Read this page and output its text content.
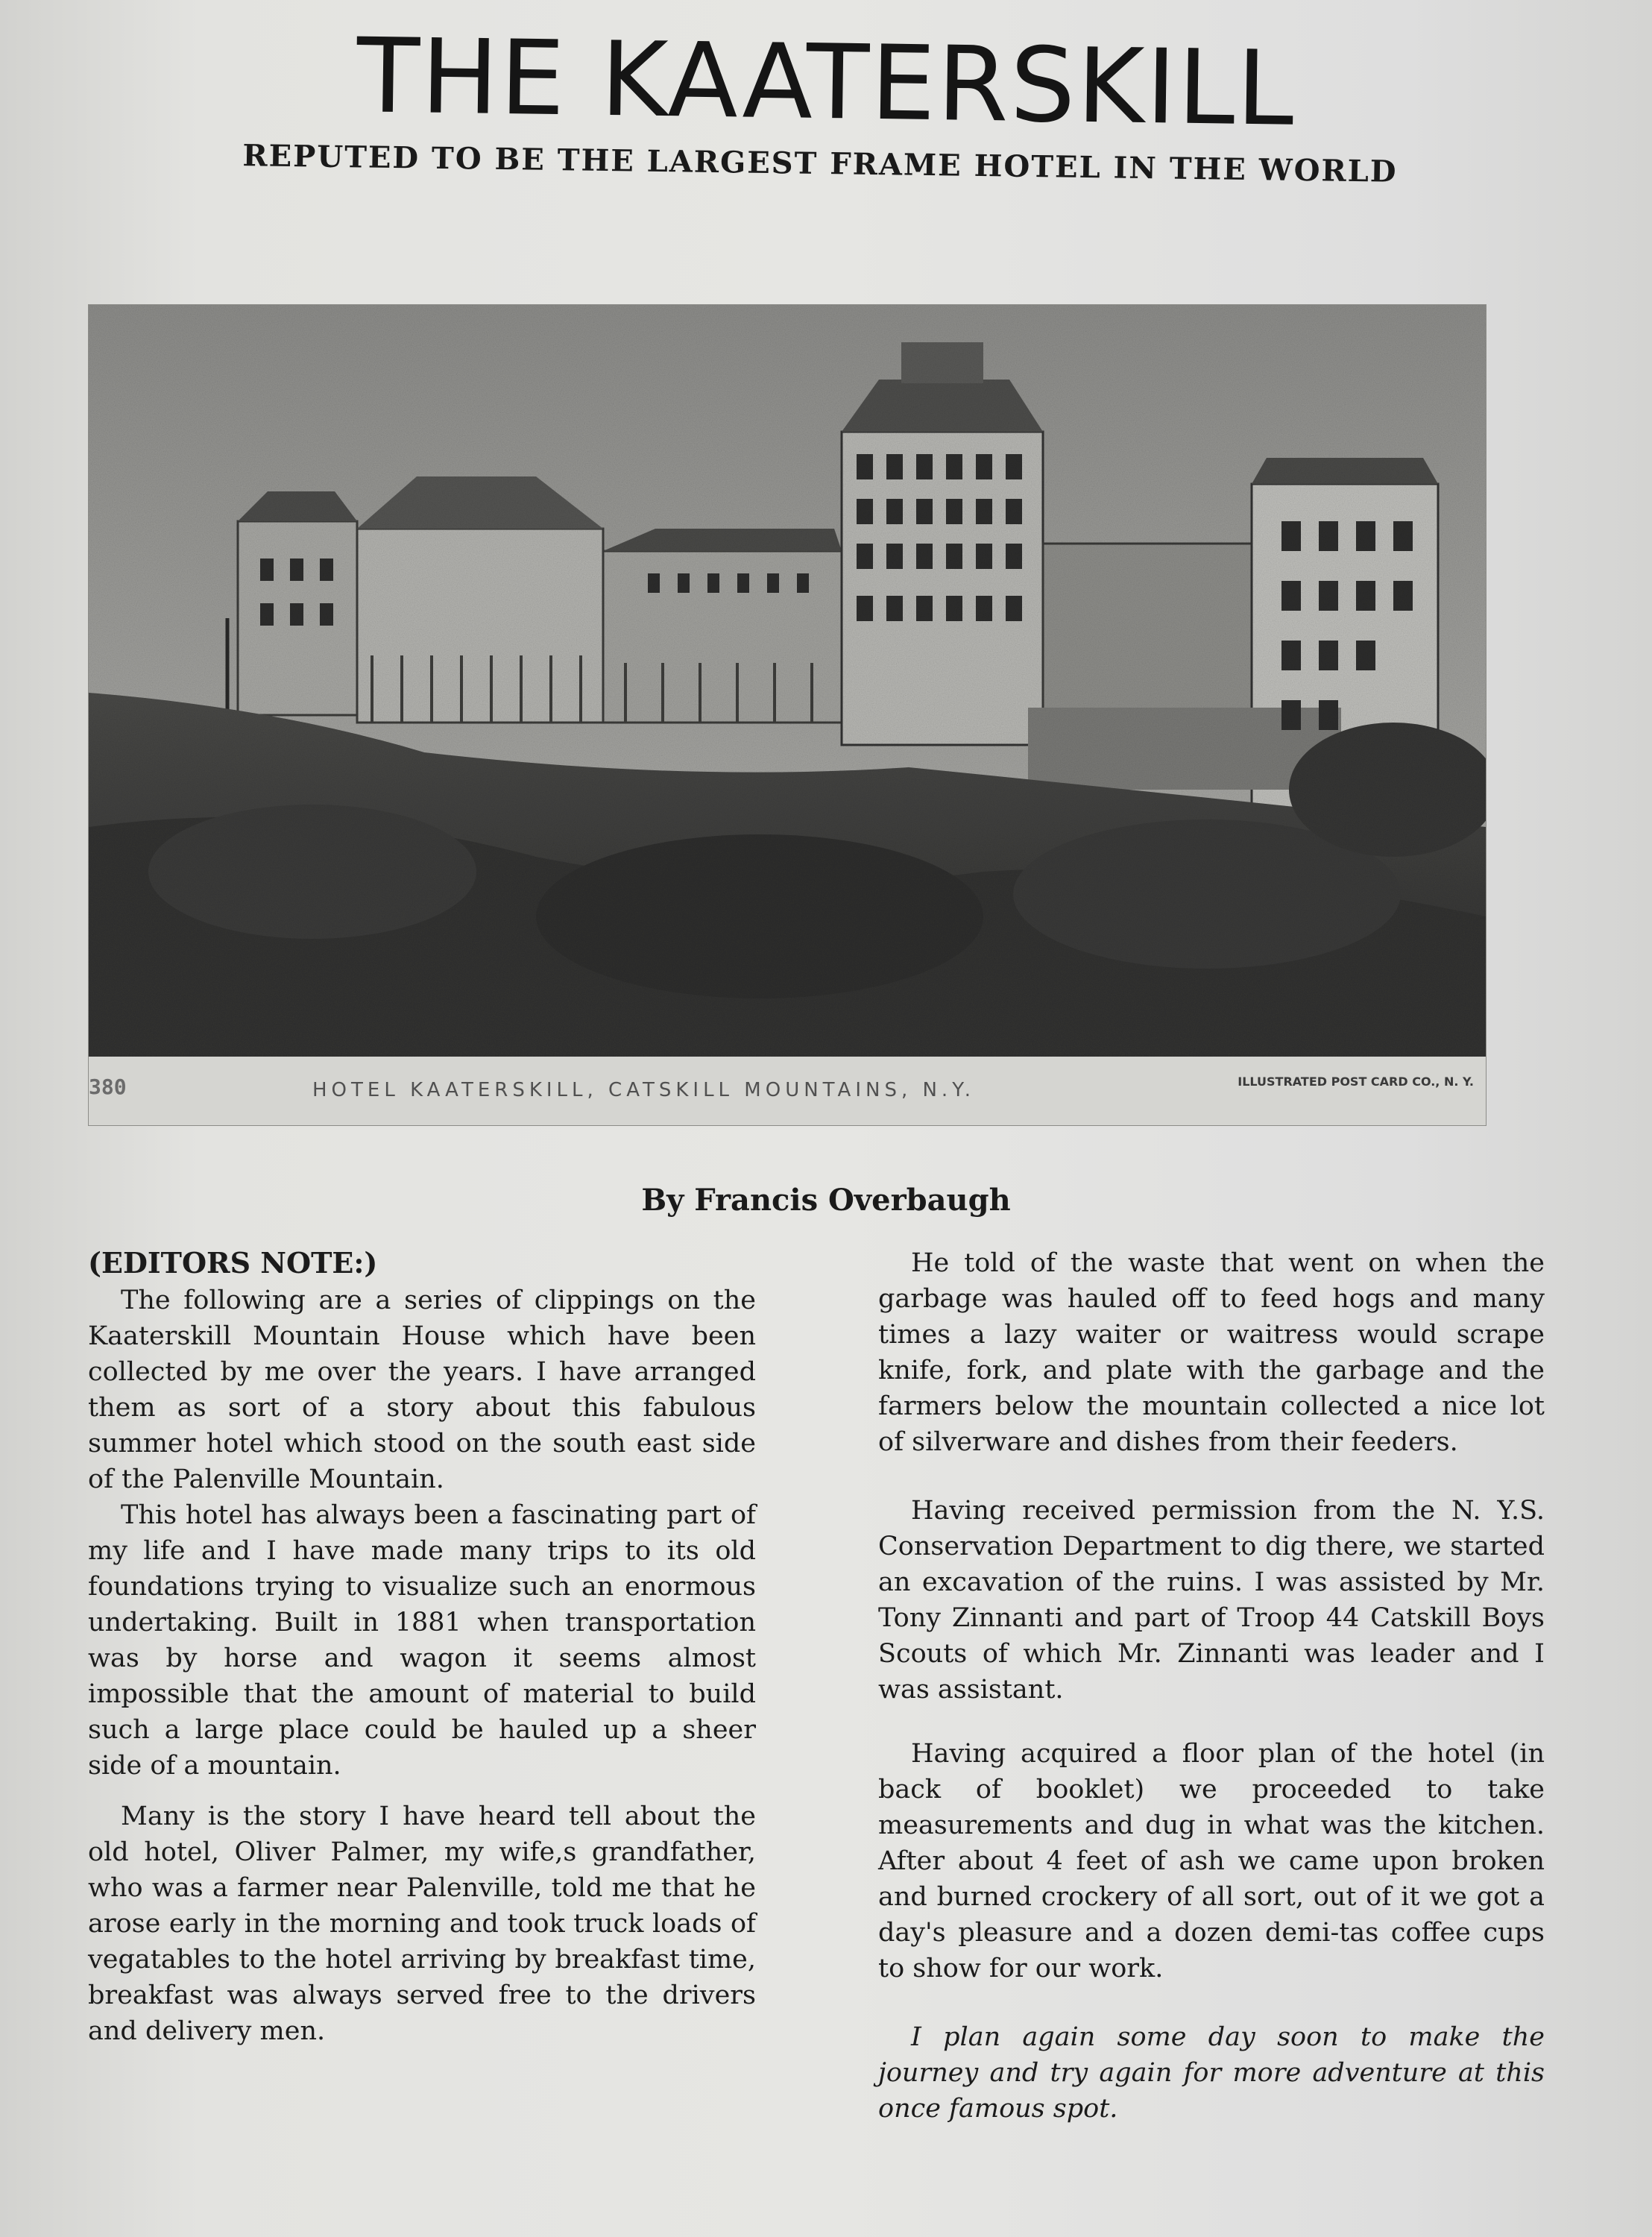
THE KAATERSKILL
REPUTED TO BE THE LARGEST FRAME HOTEL IN THE WORLD
380	HOTEL KAATERSKILL, CATSKILL MOUNTAINS, N.Y.	ILLUSTRATED POST CARD CO., N. Y.
By Francis Overbaugh

(EDITORS NOTE:)

The following are a series of clippings on the Kaaterskill Mountain House which have been collected by me over the years. I have arranged them as sort of a story about this fabulous summer hotel which stood on the south east side of the Palenville Mountain.

This hotel has always been a fascinating part of my life and I have made many trips to its old foundations trying to visualize such an enormous undertaking. Built in 1881 when transportation was by horse and wagon it seems almost impossible that the amount of material to build such a large place could be hauled up a sheer side of a mountain.

Many is the story I have heard tell about the old hotel, Oliver Palmer, my wife,s grandfather, who was a farmer near Palenville, told me that he arose early in the morning and took truck loads of vegatables to the hotel arriving by breakfast time, breakfast was always served free to the drivers and delivery men.

He told of the waste that went on when the garbage was hauled off to feed hogs and many times a lazy waiter or waitress would scrape knife, fork, and plate with the garbage and the farmers below the mountain collected a nice lot of silverware and dishes from their feeders.

Having received permission from the N. Y.S. Conservation Department to dig there, we started an excavation of the ruins. I was assisted by Mr. Tony Zinnanti and part of Troop 44 Catskill Boys Scouts of which Mr. Zinnanti was leader and I was assistant.

Having acquired a floor plan of the hotel (in back of booklet) we proceeded to take measurements and dug in what was the kitchen. After about 4 feet of ash we came upon broken and burned crockery of all sort, out of it we got a day's pleasure and a dozen demi-tas coffee cups to show for our work.

I plan again some day soon to make the journey and try again for more adventure at this once famous spot.
